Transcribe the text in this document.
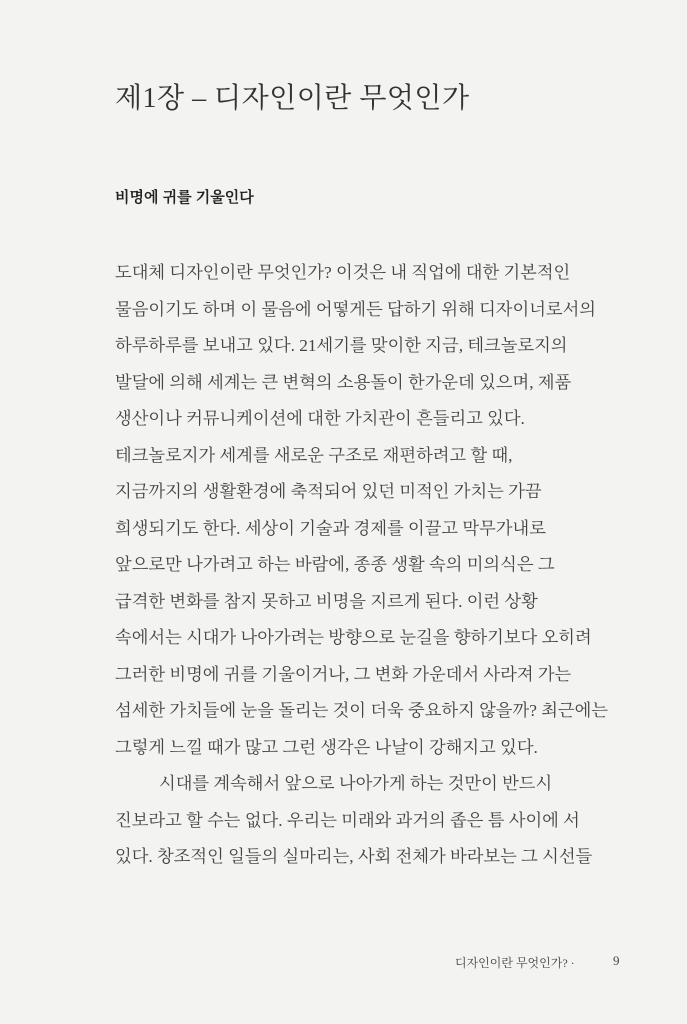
제1장 – 디자인이란 무엇인가
비명에 귀를 기울인다
도대체 디자인이란 무엇인가? 이것은 내 직업에 대한 기본적인
물음이기도 하며 이 물음에 어떻게든 답하기 위해 디자이너로서의
하루하루를 보내고 있다. 21세기를 맞이한 지금, 테크놀로지의
발달에 의해 세계는 큰 변혁의 소용돌이 한가운데 있으며, 제품
생산이나 커뮤니케이션에 대한 가치관이 흔들리고 있다.
테크놀로지가 세계를 새로운 구조로 재편하려고 할 때,
지금까지의 생활환경에 축적되어 있던 미적인 가치는 가끔
희생되기도 한다. 세상이 기술과 경제를 이끌고 막무가내로
앞으로만 나가려고 하는 바람에, 종종 생활 속의 미의식은 그
급격한 변화를 참지 못하고 비명을 지르게 된다. 이런 상황
속에서는 시대가 나아가려는 방향으로 눈길을 향하기보다 오히려
그러한 비명에 귀를 기울이거나, 그 변화 가운데서 사라져 가는
섬세한 가치들에 눈을 돌리는 것이 더욱 중요하지 않을까? 최근에는
그렇게 느낄 때가 많고 그런 생각은 나날이 강해지고 있다.
시대를 계속해서 앞으로 나아가게 하는 것만이 반드시
진보라고 할 수는 없다. 우리는 미래와 과거의 좁은 틈 사이에 서
있다. 창조적인 일들의 실마리는, 사회 전체가 바라보는 그 시선들
디자인이란 무엇인가? ·	9
